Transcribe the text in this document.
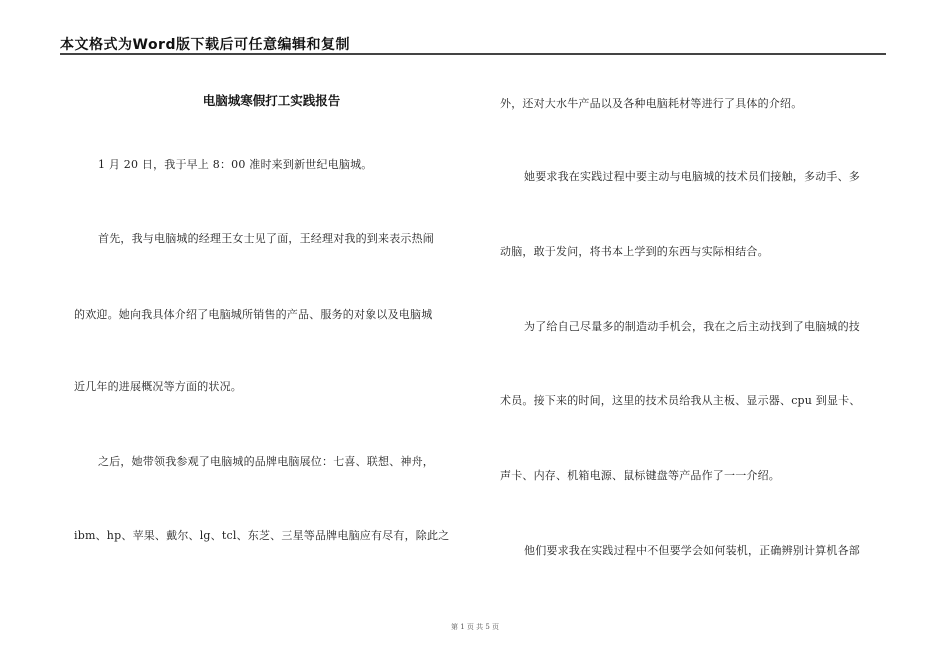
本文格式为Word版下载后可任意编辑和复制
电脑城寒假打工实践报告
1 月 20 日，我于早上 8：00 准时来到新世纪电脑城。
首先，我与电脑城的经理王女士见了面，王经理对我的到来表示热闹
的欢迎。她向我具体介绍了电脑城所销售的产品、服务的对象以及电脑城
近几年的进展概况等方面的状况。
之后，她带领我参观了电脑城的品牌电脑展位：七喜、联想、神舟，
ibm、hp、苹果、戴尔、lg、tcl、东芝、三星等品牌电脑应有尽有，除此之
外，还对大水牛产品以及各种电脑耗材等进行了具体的介绍。
她要求我在实践过程中要主动与电脑城的技术员们接触，多动手、多
动脑，敢于发问，将书本上学到的东西与实际相结合。
为了给自己尽量多的制造动手机会，我在之后主动找到了电脑城的技
术员。接下来的时间，这里的技术员给我从主板、显示器、cpu 到显卡、
声卡、内存、机箱电源、鼠标键盘等产品作了一一介绍。
他们要求我在实践过程中不但要学会如何装机，正确辨别计算机各部
第 1 页 共 5 页
